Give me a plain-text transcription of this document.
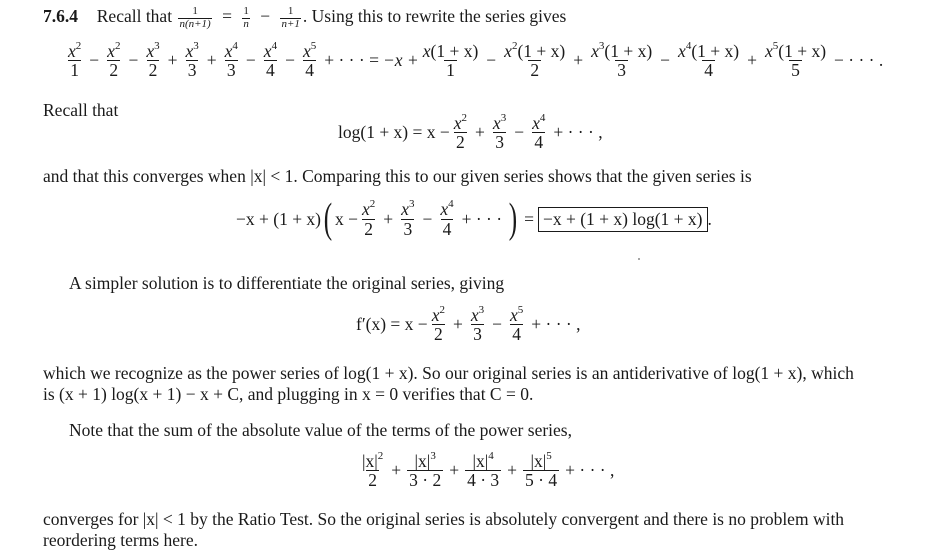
7.6.4 Recall that $\frac{1}{n(n+1)} = \frac{1}{n} - \frac{1}{n+1}$ . Using this to rewrite the series gives
$\frac{x^2}{1} - \frac{x^2}{2} - \frac{x^3}{2} + \frac{x^3}{3} + \frac{x^4}{3} - \frac{x^4}{4} - \frac{x^5}{4}$ + · · · = $-x + \frac{x(1 + x)}{1} - \frac{x^2(1 + x)}{2} + \frac{x^3(1 + x)}{3} - \frac{x^4(1 + x)}{4} + \frac{x^5(1 + x)}{5}$ − · · · .
Recall that
$\log(1 + x) = x - \frac{x^2}{2} + \frac{x^3}{3} - \frac{x^4}{4}$ + · · · ,
and that this converges when |x| < 1. Comparing this to our given series shows that the given series is
−x + (1 + x) ( $x - \frac{x^2}{2} + \frac{x^3}{3} - \frac{x^4}{4}$ + · · · ) = −x + (1 + x) log(1 + x) .
A simpler solution is to differentiate the original series, giving
$f'(x) = x - \frac{x^2}{2} + \frac{x^3}{3} - \frac{x^5}{4}$ + · · · ,
which we recognize as the power series of log(1 + x). So our original series is an antiderivative of log(1 + x), which
is (x + 1) log(x + 1) − x + C, and plugging in x = 0 verifies that C = 0.
Note that the sum of the absolute value of the terms of the power series,
$\frac{|x|^2}{2} + \frac{|x|^3}{3 \cdot 2} + \frac{|x|^4}{4 \cdot 3} + \frac{|x|^5}{5 \cdot 4}$ + · · · ,
converges for |x| < 1 by the Ratio Test. So the original series is absolutely convergent and there is no problem with
reordering terms here.
